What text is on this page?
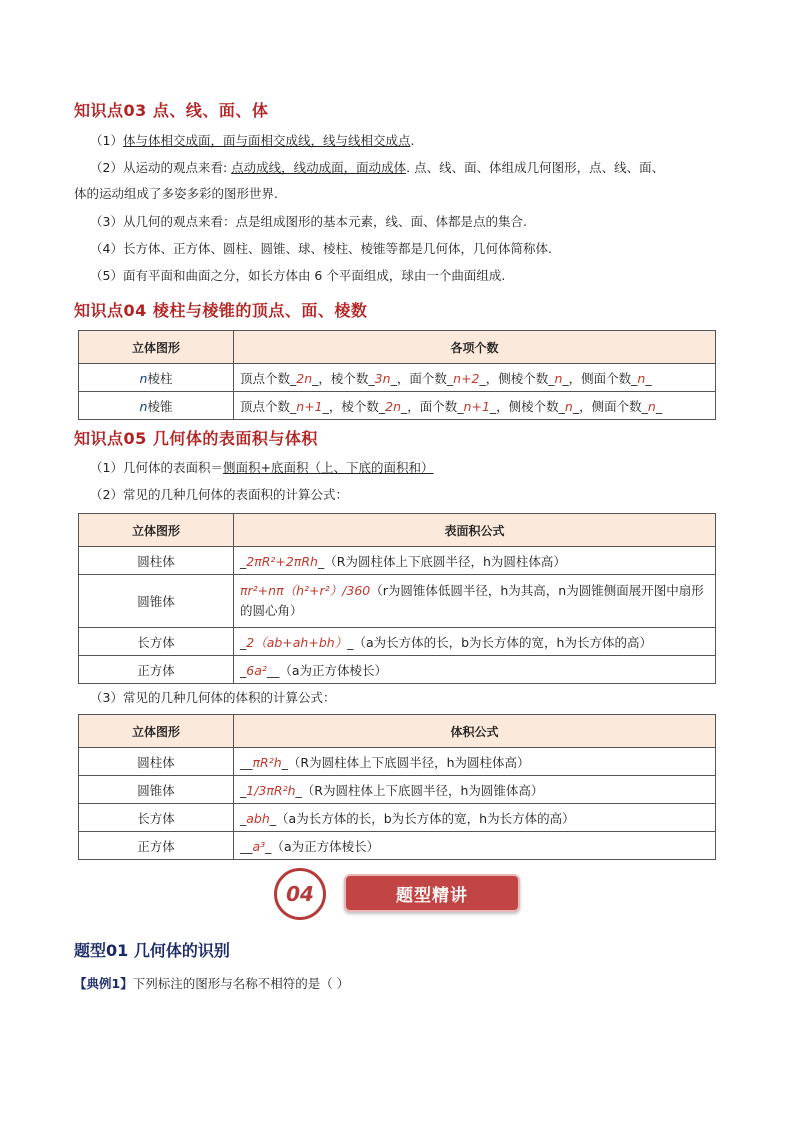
知识点03 点、线、面、体
（1）体与体相交成面，面与面相交成线，线与线相交成点.
（2）从运动的观点来看: 点动成线，线动成面，面动成体. 点、线、面、体组成几何图形，点、线、面、
体的运动组成了多姿多彩的图形世界.
（3）从几何的观点来看：点是组成图形的基本元素，线、面、体都是点的集合.
（4）长方体、正方体、圆柱、圆锥、球、棱柱、棱锥等都是几何体，几何体简称体.
（5）面有平面和曲面之分，如长方体由 6 个平面组成，球由一个曲面组成.
知识点04 棱柱与棱锥的顶点、面、棱数
立体图形	各项个数
n棱柱	顶点个数_2n_，棱个数_3n_，面个数_n+2_，侧棱个数_n_，侧面个数_n_
n棱锥	顶点个数_n+1_，棱个数_2n_，面个数_n+1_，侧棱个数_n_，侧面个数_n_
知识点05 几何体的表面积与体积
（1）几何体的表面积＝侧面积+底面积（上、下底的面积和）
（2）常见的几种几何体的表面积的计算公式：
立体图形	表面积公式
圆柱体	_2πR²+2πRh_（R为圆柱体上下底圆半径，h为圆柱体高）
圆锥体	πr²+nπ（h²+r²）/360（r为圆锥体低圆半径，h为其高，n为圆锥侧面展开图中扇形的圆心角）
长方体	_2（ab+ah+bh）_（a为长方体的长，b为长方体的宽，h为长方体的高）
正方体	_6a²__（a为正方体棱长）
（3）常见的几种几何体的体积的计算公式：
立体图形	体积公式
圆柱体	__πR²h_（R为圆柱体上下底圆半径，h为圆柱体高）
圆锥体	_1/3πR²h_（R为圆柱体上下底圆半径，h为圆锥体高）
长方体	_abh_（a为长方体的长，b为长方体的宽，h为长方体的高）
正方体	__a³_（a为正方体棱长）
04	题型精讲
题型01 几何体的识别
【典例1】下列标注的图形与名称不相符的是（ ）
